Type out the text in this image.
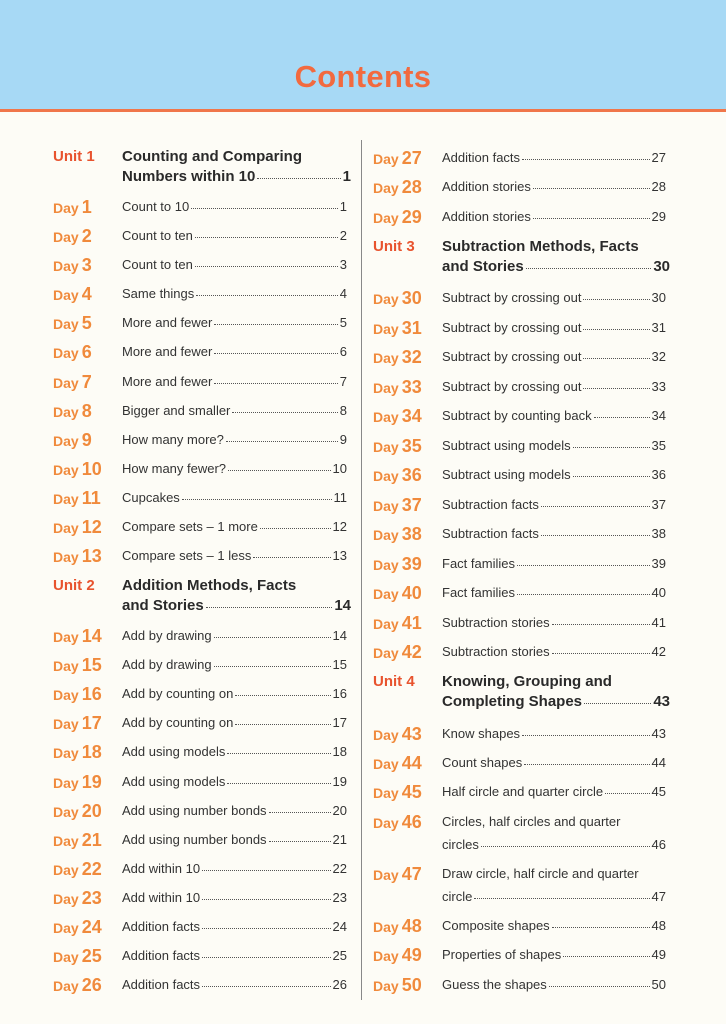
Contents
Unit 1 Counting and Comparing
Numbers within 10	1
Day 1 Count to 10	1
Day 2 Count to ten	2
Day 3 Count to ten	3
Day 4 Same things	4
Day 5 More and fewer	5
Day 6 More and fewer	6
Day 7 More and fewer	7
Day 8 Bigger and smaller	8
Day 9 How many more?	9
Day 10 How many fewer?	10
Day 11 Cupcakes	11
Day 12 Compare sets – 1 more	12
Day 13 Compare sets – 1 less	13
Unit 2 Addition Methods, Facts
and Stories	14
Day 14 Add by drawing	14
Day 15 Add by drawing	15
Day 16 Add by counting on	16
Day 17 Add by counting on	17
Day 18 Add using models	18
Day 19 Add using models	19
Day 20 Add using number bonds	20
Day 21 Add using number bonds	21
Day 22 Add within 10	22
Day 23 Add within 10	23
Day 24 Addition facts	24
Day 25 Addition facts	25
Day 26 Addition facts	26
Day 27 Addition facts	27
Day 28 Addition stories	28
Day 29 Addition stories	29
Unit 3 Subtraction Methods, Facts
and Stories	30
Day 30 Subtract by crossing out	30
Day 31 Subtract by crossing out	31
Day 32 Subtract by crossing out	32
Day 33 Subtract by crossing out	33
Day 34 Subtract by counting back	34
Day 35 Subtract using models	35
Day 36 Subtract using models	36
Day 37 Subtraction facts	37
Day 38 Subtraction facts	38
Day 39 Fact families	39
Day 40 Fact families	40
Day 41 Subtraction stories	41
Day 42 Subtraction stories	42
Unit 4 Knowing, Grouping and
Completing Shapes	43
Day 43 Know shapes	43
Day 44 Count shapes	44
Day 45 Half circle and quarter circle	45
Day 46 Circles, half circles and quarter
circles	46
Day 47 Draw circle, half circle and quarter
circle	47
Day 48 Composite shapes	48
Day 49 Properties of shapes	49
Day 50 Guess the shapes	50
